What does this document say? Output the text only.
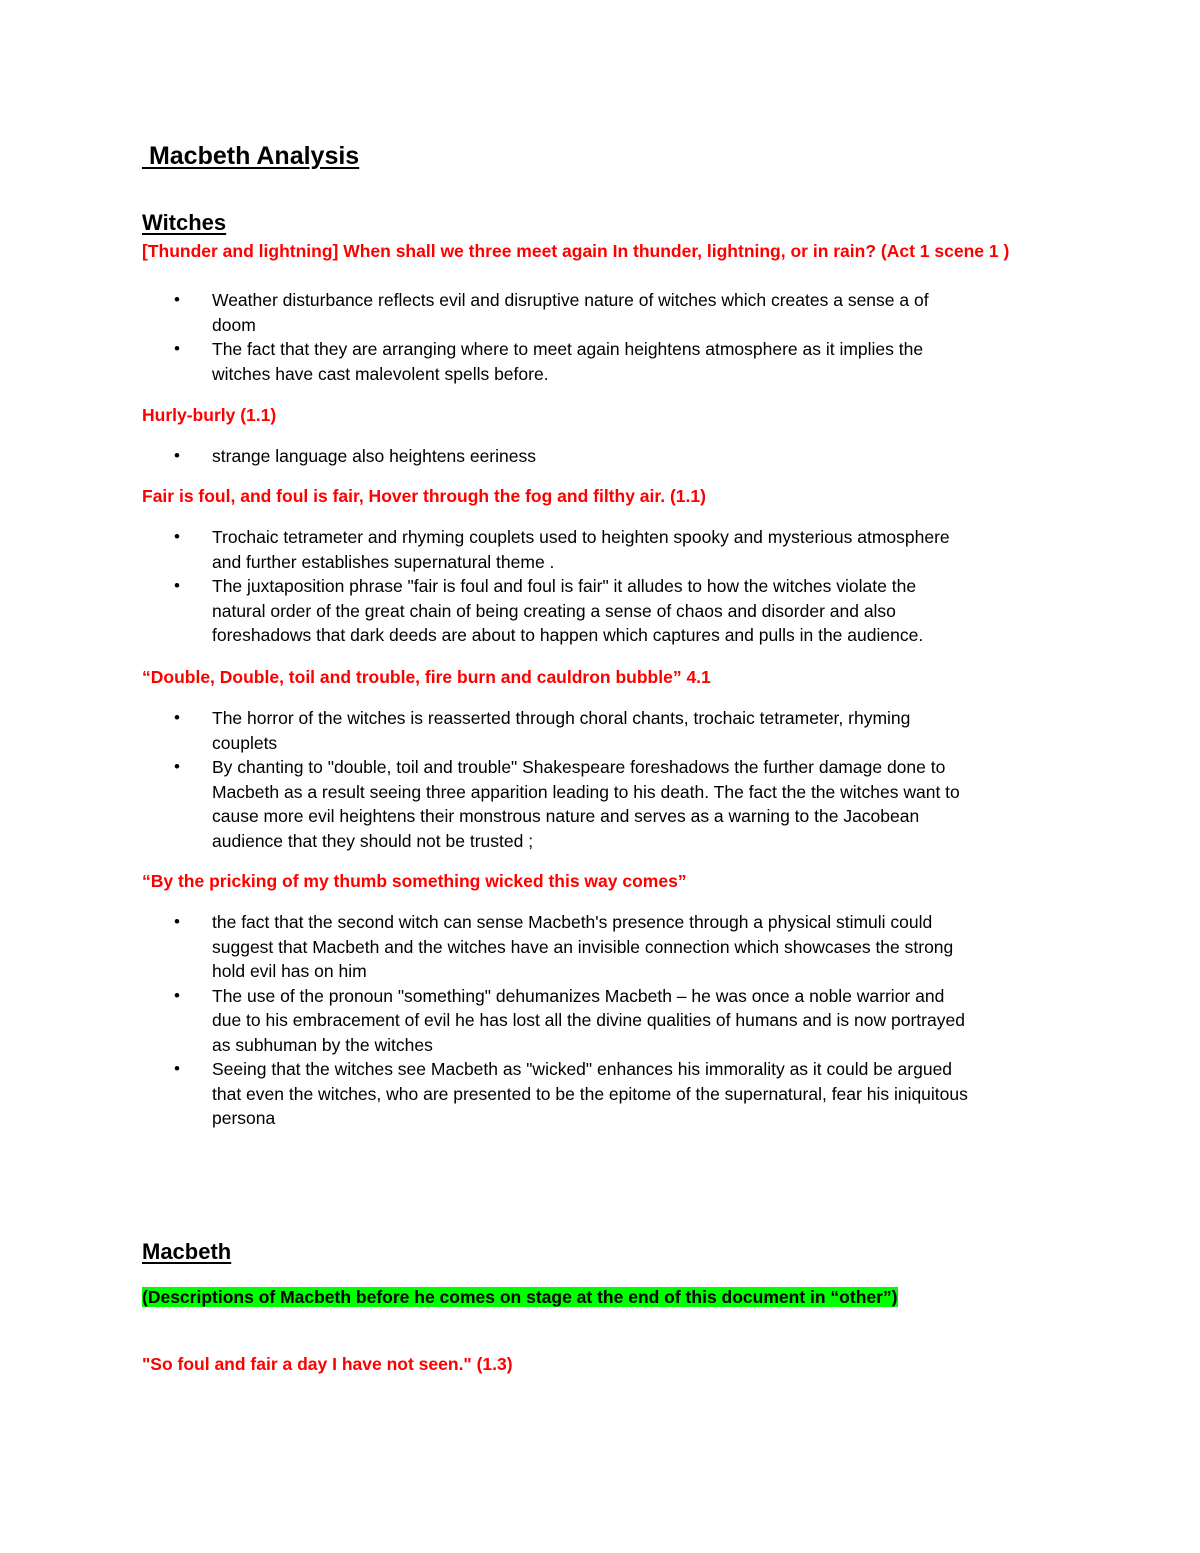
Macbeth Analysis
Witches

[Thunder and lightning] When shall we three meet again In thunder, lightning, or in rain? (Act 1 scene 1 )

• Weather disturbance reflects evil and disruptive nature of witches which creates a sense a of
doom
• The fact that they are arranging where to meet again heightens atmosphere as it implies the
witches have cast malevolent spells before.

Hurly-burly (1.1)

• strange language also heightens eeriness

Fair is foul, and foul is fair, Hover through the fog and filthy air. (1.1)

• Trochaic tetrameter and rhyming couplets used to heighten spooky and mysterious atmosphere
and further establishes supernatural theme .
• The juxtaposition phrase "fair is foul and foul is fair" it alludes to how the witches violate the
natural order of the great chain of being creating a sense of chaos and disorder and also
foreshadows that dark deeds are about to happen which captures and pulls in the audience.

“Double, Double, toil and trouble, fire burn and cauldron bubble” 4.1

• The horror of the witches is reasserted through choral chants, trochaic tetrameter, rhyming
couplets
• By chanting to "double, toil and trouble" Shakespeare foreshadows the further damage done to
Macbeth as a result seeing three apparition leading to his death. The fact the the witches want to
cause more evil heightens their monstrous nature and serves as a warning to the Jacobean
audience that they should not be trusted ;

“By the pricking of my thumb something wicked this way comes”

• the fact that the second witch can sense Macbeth's presence through a physical stimuli could
suggest that Macbeth and the witches have an invisible connection which showcases the strong
hold evil has on him
• The use of the pronoun "something" dehumanizes Macbeth – he was once a noble warrior and
due to his embracement of evil he has lost all the divine qualities of humans and is now portrayed
as subhuman by the witches
• Seeing that the witches see Macbeth as "wicked" enhances his immorality as it could be argued
that even the witches, who are presented to be the epitome of the supernatural, fear his iniquitous
persona
Macbeth

(Descriptions of Macbeth before he comes on stage at the end of this document in “other”)

"So foul and fair a day I have not seen." (1.3)
